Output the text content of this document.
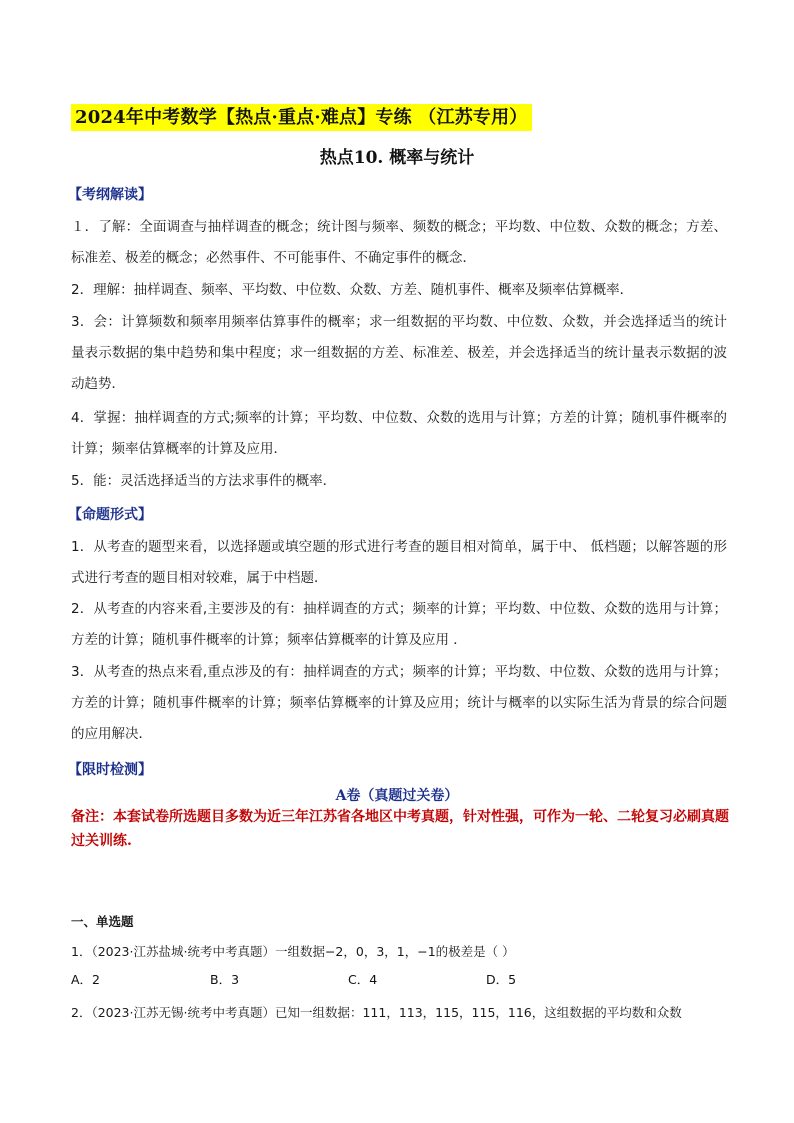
2024年中考数学【热点·重点·难点】专练 （江苏专用）
热点10. 概率与统计
【考纲解读】
１．了解：全面调查与抽样调查的概念；统计图与频率、频数的概念；平均数、中位数、众数的概念；方差、标准差、极差的概念；必然事件、不可能事件、不确定事件的概念．
2．理解：抽样调查、频率、平均数、中位数、众数、方差、随机事件、概率及频率估算概率．
3．会：计算频数和频率用频率估算事件的概率；求一组数据的平均数、中位数、众数，并会选择适当的统计量表示数据的集中趋势和集中程度；求一组数据的方差、标准差、极差，并会选择适当的统计量表示数据的波动趋势．
4．掌握：抽样调查的方式;频率的计算；平均数、中位数、众数的选用与计算；方差的计算；随机事件概率的计算；频率估算概率的计算及应用．
5．能：灵活选择适当的方法求事件的概率．
【命题形式】
1．从考查的题型来看，以选择题或填空题的形式进行考查的题目相对简单，属于中、 低档题；以解答题的形式进行考查的题目相对较难，属于中档题．
2．从考查的内容来看,主要涉及的有：抽样调查的方式；频率的计算；平均数、中位数、众数的选用与计算；方差的计算；随机事件概率的计算；频率估算概率的计算及应用 ．
3．从考查的热点来看,重点涉及的有：抽样调查的方式；频率的计算；平均数、中位数、众数的选用与计算；方差的计算；随机事件概率的计算；频率估算概率的计算及应用；统计与概率的以实际生活为背景的综合问题的应用解决．
【限时检测】
A卷（真题过关卷）
备注：本套试卷所选题目多数为近三年江苏省各地区中考真题，针对性强，可作为一轮、二轮复习必刷真题过关训练.
一、单选题
1．（2023·江苏盐城·统考中考真题）一组数据−2，0，3，1，−1的极差是（ ）
A．2	B．3	C．4	D．5
2．（2023·江苏无锡·统考中考真题）已知一组数据：111，113，115，115，116，这组数据的平均数和众数
